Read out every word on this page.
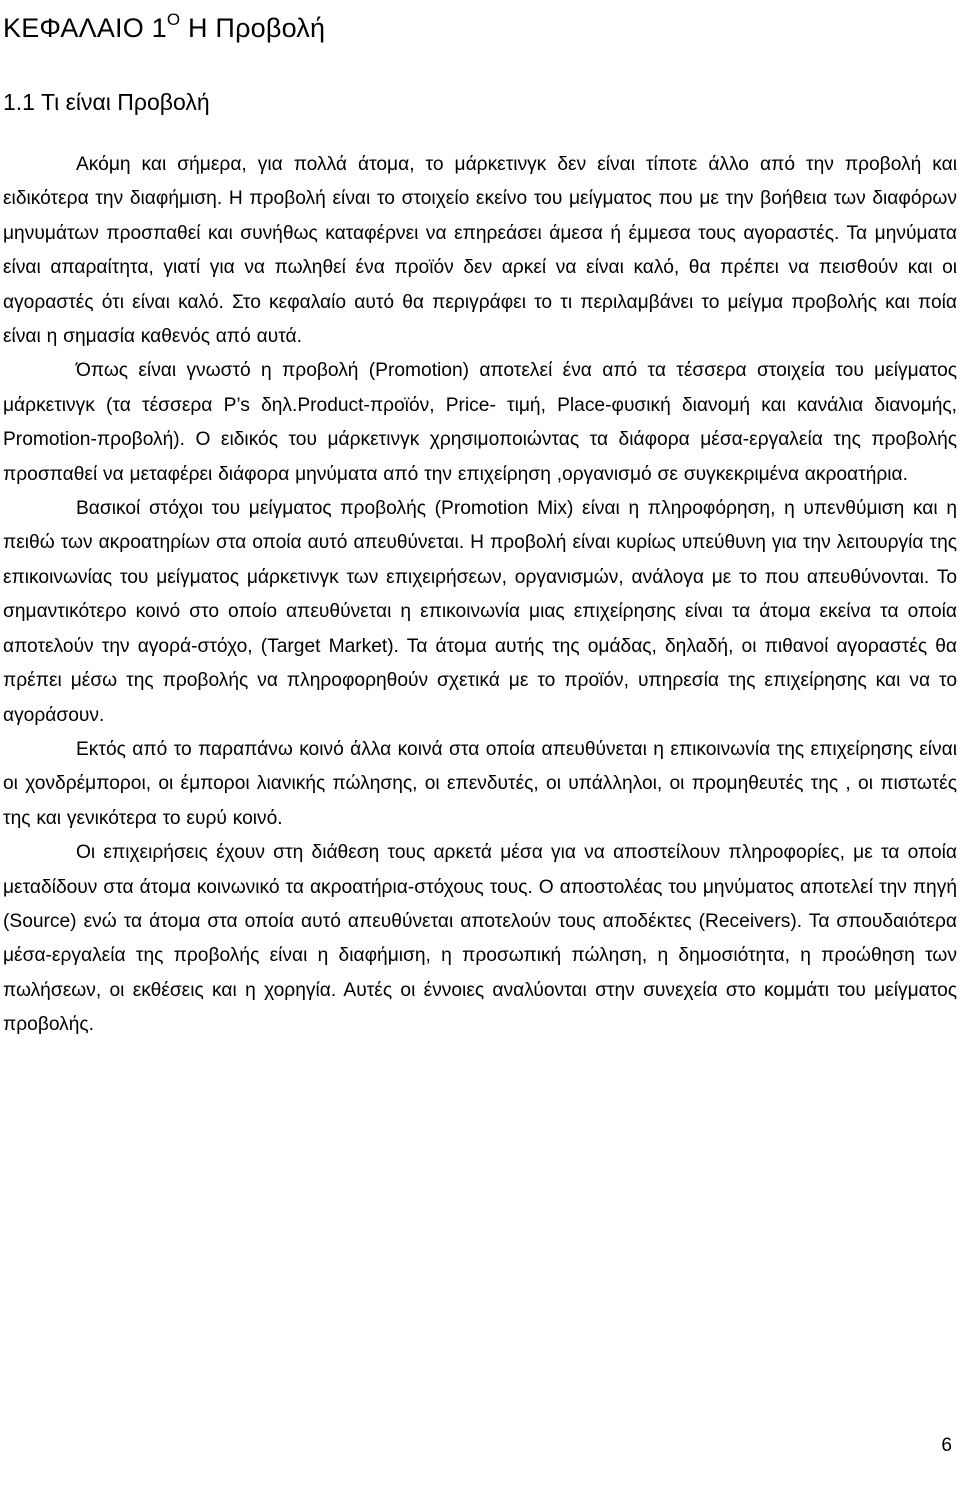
ΚΕΦΑΛΑΙΟ $1^O$ Η Προβολή
1.1 Τι είναι Προβολή

Ακόμη και σήμερα, για πολλά άτομα, το μάρκετινγκ δεν είναι τίποτε άλλο από την προβολή και ειδικότερα την διαφήμιση. Η προβολή είναι το στοιχείο εκείνο του μείγματος που με την βοήθεια των διαφόρων μηνυμάτων προσπαθεί και συνήθως καταφέρνει να επηρεάσει άμεσα ή έμμεσα τους αγοραστές. Τα μηνύματα είναι απαραίτητα, γιατί για να πωληθεί ένα προϊόν δεν αρκεί να είναι καλό, θα πρέπει να πεισθούν και οι αγοραστές ότι είναι καλό. Στο κεφαλαίο αυτό θα περιγράφει το τι περιλαμβάνει το μείγμα προβολής και ποία είναι η σημασία καθενός από αυτά.

Όπως είναι γνωστό η προβολή (Promotion) αποτελεί ένα από τα τέσσερα στοιχεία του μείγματος μάρκετινγκ (τα τέσσερα P’s δηλ.Product-προϊόν, Price- τιμή, Place-φυσική διανομή και κανάλια διανομής, Promotion-προβολή). Ο ειδικός του μάρκετινγκ χρησιμοποιώντας τα διάφορα μέσα-εργαλεία της προβολής προσπαθεί να μεταφέρει διάφορα μηνύματα από την επιχείρηση ,οργανισμό σε συγκεκριμένα ακροατήρια.

Βασικοί στόχοι του μείγματος προβολής (Promotion Mix) είναι η πληροφόρηση, η υπενθύμιση και η πειθώ των ακροατηρίων στα οποία αυτό απευθύνεται. Η προβολή είναι κυρίως υπεύθυνη για την λειτουργία της επικοινωνίας του μείγματος μάρκετινγκ των επιχειρήσεων, οργανισμών, ανάλογα με το που απευθύνονται. Το σημαντικότερο κοινό στο οποίο απευθύνεται η επικοινωνία μιας επιχείρησης είναι τα άτομα εκείνα τα οποία αποτελούν την αγορά-στόχο, (Target Market). Τα άτομα αυτής της ομάδας, δηλαδή, οι πιθανοί αγοραστές θα πρέπει μέσω της προβολής να πληροφορηθούν σχετικά με το προϊόν, υπηρεσία της επιχείρησης και να το αγοράσουν.

Εκτός από το παραπάνω κοινό άλλα κοινά στα οποία απευθύνεται η επικοινωνία της επιχείρησης είναι οι χονδρέμποροι, οι έμποροι λιανικής πώλησης, οι επενδυτές, οι υπάλληλοι, οι προμηθευτές της , οι πιστωτές της και γενικότερα το ευρύ κοινό.

Οι επιχειρήσεις έχουν στη διάθεση τους αρκετά μέσα για να αποστείλουν πληροφορίες, με τα οποία μεταδίδουν στα άτομα κοινωνικό τα ακροατήρια-στόχους τους. Ο αποστολέας του μηνύματος αποτελεί την πηγή (Source) ενώ τα άτομα στα οποία αυτό απευθύνεται αποτελούν τους αποδέκτες (Receivers). Τα σπουδαιότερα μέσα-εργαλεία της προβολής είναι η διαφήμιση, η προσωπική πώληση, η δημοσιότητα, η προώθηση των πωλήσεων, οι εκθέσεις και η χορηγία. Αυτές οι έννοιες αναλύονται στην συνεχεία στο κομμάτι του μείγματος προβολής.

6
